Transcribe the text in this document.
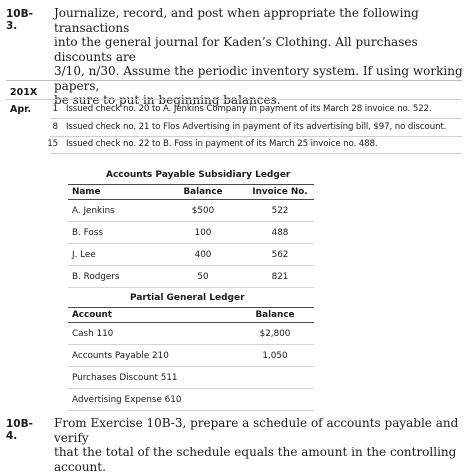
10B-3.
Journalize, record, and post when appropriate the following transactions
into the general journal for Kaden’s Clothing. All purchases discounts are
3/10, n/30. Assume the periodic inventory system. If using working papers,
be sure to put in beginning balances.
201X
Apr.	1 Issued check no. 20 to A. Jenkins Company in payment of its March 28 invoice no. 522.
8 Issued check no. 21 to Flos Advertising in payment of its advertising bill, $97, no discount.
15 Issued check no. 22 to B. Foss in payment of its March 25 invoice no. 488.
Accounts Payable Subsidiary Ledger
Name	Balance	Invoice No.
A. Jenkins	$500	522
B. Foss	100	488
J. Lee	400	562
B. Rodgers	50	821
Partial General Ledger
Account	Balance
Cash 110	$2,800
Accounts Payable 210	1,050
Purchases Discount 511	
Advertising Expense 610	
10B-4.
From Exercise 10B-3, prepare a schedule of accounts payable and verify
that the total of the schedule equals the amount in the controlling account.
